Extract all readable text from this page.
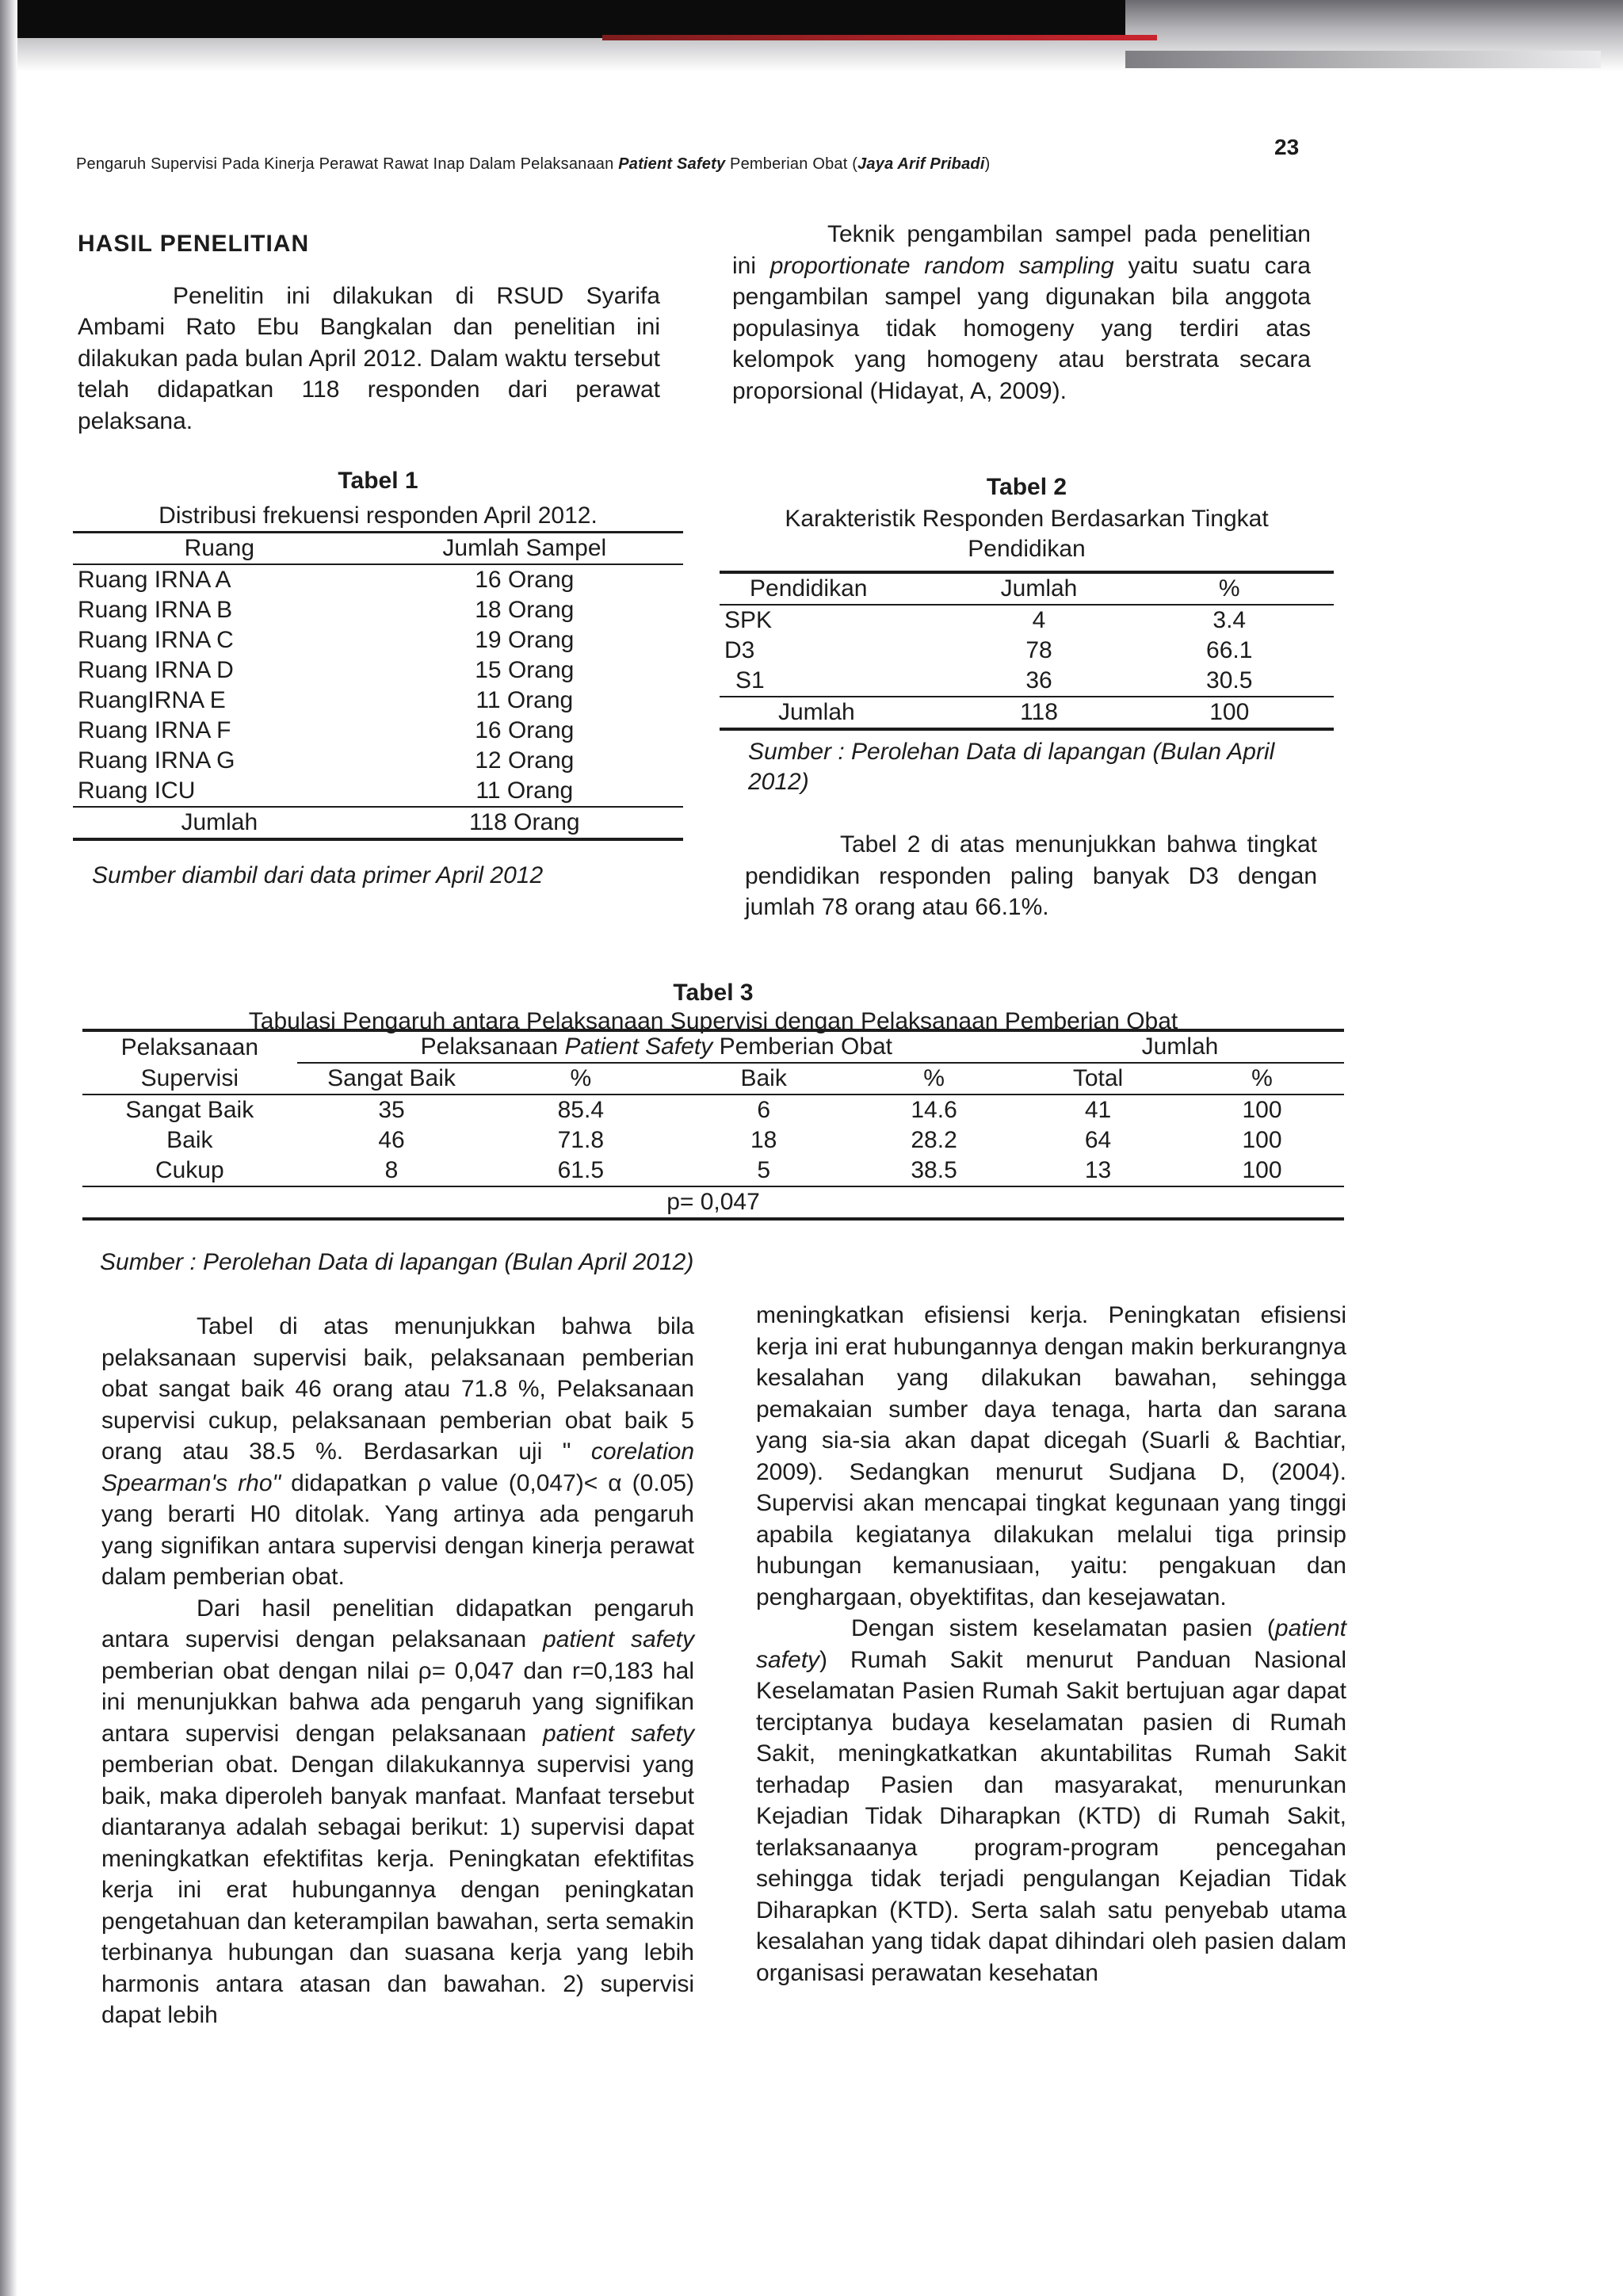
Pengaruh Supervisi Pada Kinerja Perawat Rawat Inap Dalam Pelaksanaan Patient Safety Pemberian Obat (Jaya Arif Pribadi)
23
HASIL PENELITIAN

Penelitin ini dilakukan di RSUD Syarifa Ambami Rato Ebu Bangkalan dan penelitian ini dilakukan pada bulan April 2012. Dalam waktu tersebut telah didapatkan 118 responden dari perawat pelaksana.

Teknik pengambilan sampel pada penelitian ini proportionate random sampling yaitu suatu cara pengambilan sampel yang digunakan bila anggota populasinya tidak homogeny yang terdiri atas kelompok yang homogeny atau berstrata secara proporsional (Hidayat, A, 2009).

Tabel 1
Distribusi frekuensi responden April 2012.
Ruang	Jumlah Sampel
Ruang IRNA A	16 Orang
Ruang IRNA B	18 Orang
Ruang IRNA C	19 Orang
Ruang IRNA D	15 Orang
RuangIRNA E	11 Orang
Ruang IRNA F	16 Orang
Ruang IRNA G	12 Orang
Ruang ICU	11 Orang
Jumlah	118 Orang
Sumber diambil dari data primer April 2012
Tabel 2
Karakteristik Responden Berdasarkan Tingkat
Pendidikan
Pendidikan	Jumlah	%
SPK	4	3.4
D3	78	66.1
S1	36	30.5
Jumlah	118	100
Sumber : Perolehan Data di lapangan (Bulan April 2012)

Tabel 2 di atas menunjukkan bahwa tingkat pendidikan responden paling banyak D3 dengan jumlah 78 orang atau 66.1%.

Tabel 3
Tabulasi Pengaruh antara Pelaksanaan Supervisi dengan Pelaksanaan Pemberian Obat
Pelaksanaan	Pelaksanaan Patient Safety Pemberian Obat				Jumlah	
Supervisi	Sangat Baik	%	Baik	%	Total	%
Sangat Baik	35	85.4	6	14.6	41	100
Baik	46	71.8	18	28.2	64	100
Cukup	8	61.5	5	38.5	13	100
p= 0,047						
Sumber : Perolehan Data di lapangan (Bulan April 2012)

Tabel di atas menunjukkan bahwa bila pelaksanaan supervisi baik, pelaksanaan pemberian obat sangat baik 46 orang atau 71.8 %, Pelaksanaan supervisi cukup, pelaksanaan pemberian obat baik 5 orang atau 38.5 %. Berdasarkan uji " corelation Spearman's rho" didapatkan ρ value (0,047)< α (0.05) yang berarti H0 ditolak. Yang artinya ada pengaruh yang signifikan antara supervisi dengan kinerja perawat dalam pemberian obat.

Dari hasil penelitian didapatkan pengaruh antara supervisi dengan pelaksanaan patient safety pemberian obat dengan nilai ρ= 0,047 dan r=0,183 hal ini menunjukkan bahwa ada pengaruh yang signifikan antara supervisi dengan pelaksanaan patient safety pemberian obat. Dengan dilakukannya supervisi yang baik, maka diperoleh banyak manfaat. Manfaat tersebut diantaranya adalah sebagai berikut: 1) supervisi dapat meningkatkan efektifitas kerja. Peningkatan efektifitas kerja ini erat hubungannya dengan peningkatan pengetahuan dan keterampilan bawahan, serta semakin terbinanya hubungan dan suasana kerja yang lebih harmonis antara atasan dan bawahan. 2) supervisi dapat lebih

meningkatkan efisiensi kerja. Peningkatan efisiensi kerja ini erat hubungannya dengan makin berkurangnya kesalahan yang dilakukan bawahan, sehingga pemakaian sumber daya tenaga, harta dan sarana yang sia-sia akan dapat dicegah (Suarli & Bachtiar, 2009). Sedangkan menurut Sudjana D, (2004). Supervisi akan mencapai tingkat kegunaan yang tinggi apabila kegiatanya dilakukan melalui tiga prinsip hubungan kemanusiaan, yaitu: pengakuan dan penghargaan, obyektifitas, dan kesejawatan.

Dengan sistem keselamatan pasien (patient safety) Rumah Sakit menurut Panduan Nasional Keselamatan Pasien Rumah Sakit bertujuan agar dapat terciptanya budaya keselamatan pasien di Rumah Sakit, meningkatkatkan akuntabilitas Rumah Sakit terhadap Pasien dan masyarakat, menurunkan Kejadian Tidak Diharapkan (KTD) di Rumah Sakit, terlaksanaanya program-program pencegahan sehingga tidak terjadi pengulangan Kejadian Tidak Diharapkan (KTD). Serta salah satu penyebab utama kesalahan yang tidak dapat dihindari oleh pasien dalam organisasi perawatan kesehatan
